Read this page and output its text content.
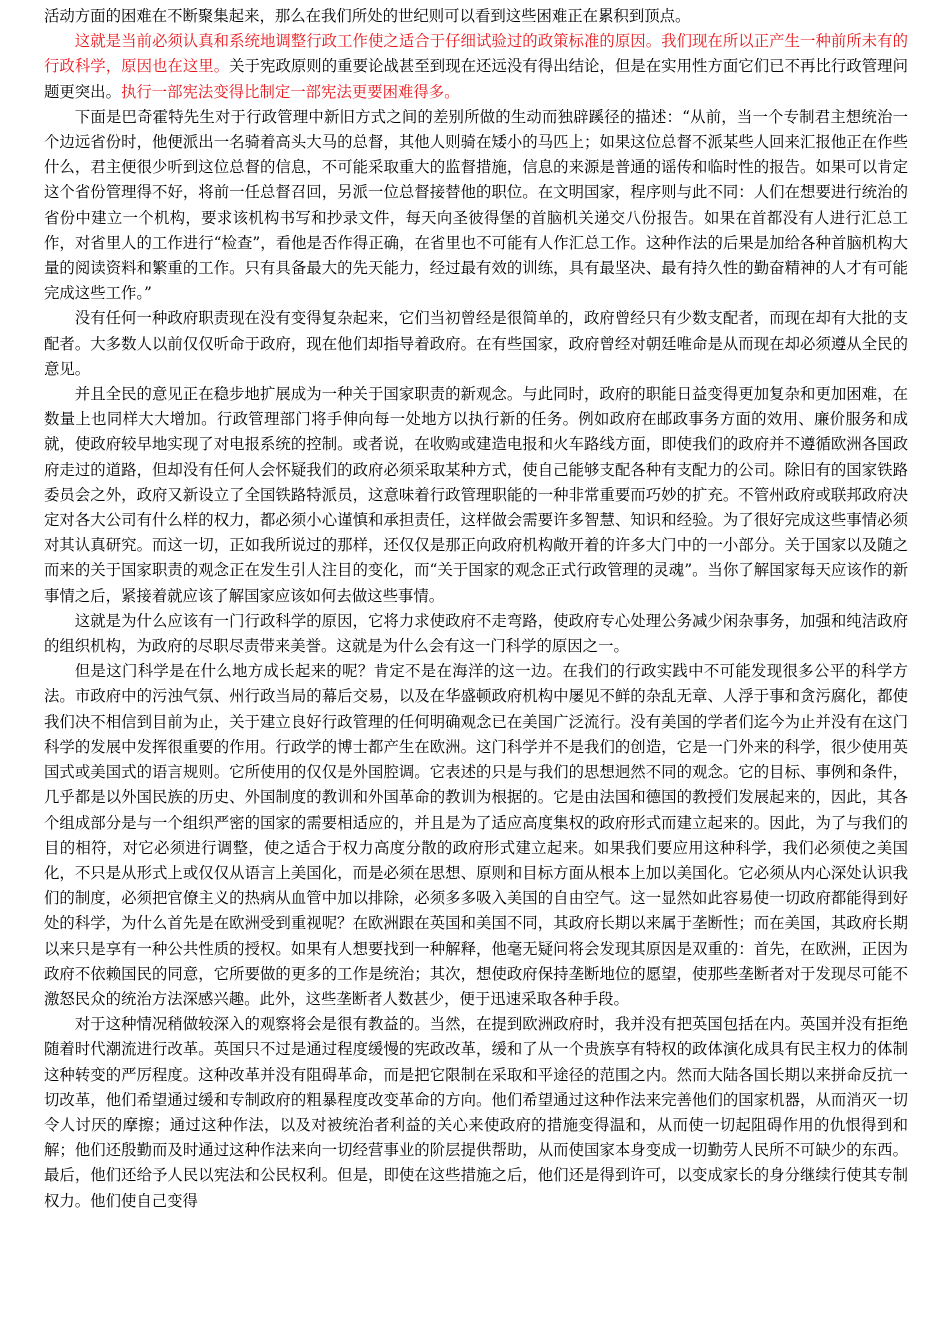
活动方面的困难在不断聚集起来，那么在我们所处的世纪则可以看到这些困难正在累积到顶点。

这就是当前必须认真和系统地调整行政工作使之适合于仔细试验过的政策标准的原因。我们现在所以正产生一种前所未有的行政科学，原因也在这里。关于宪政原则的重要论战甚至到现在还远没有得出结论，但是在实用性方面它们已不再比行政管理问题更突出。执行一部宪法变得比制定一部宪法更要困难得多。

下面是巴奇霍特先生对于行政管理中新旧方式之间的差别所做的生动而独辟蹊径的描述：“从前，当一个专制君主想统治一个边远省份时，他便派出一名骑着高头大马的总督，其他人则骑在矮小的马匹上；如果这位总督不派某些人回来汇报他正在作些什么，君主便很少听到这位总督的信息，不可能采取重大的监督措施，信息的来源是普通的谣传和临时性的报告。如果可以肯定这个省份管理得不好，将前一任总督召回，另派一位总督接替他的职位。在文明国家，程序则与此不同：人们在想要进行统治的省份中建立一个机构，要求该机构书写和抄录文件，每天向圣彼得堡的首脑机关递交八份报告。如果在首都没有人进行汇总工作，对省里人的工作进行“检查”，看他是否作得正确，在省里也不可能有人作汇总工作。这种作法的后果是加给各种首脑机构大量的阅读资料和繁重的工作。只有具备最大的先天能力，经过最有效的训练，具有最坚决、最有持久性的勤奋精神的人才有可能完成这些工作。”

没有任何一种政府职责现在没有变得复杂起来，它们当初曾经是很简单的，政府曾经只有少数支配者，而现在却有大批的支配者。大多数人以前仅仅听命于政府，现在他们却指导着政府。在有些国家，政府曾经对朝廷唯命是从而现在却必须遵从全民的意见。

并且全民的意见正在稳步地扩展成为一种关于国家职责的新观念。与此同时，政府的职能日益变得更加复杂和更加困难，在数量上也同样大大增加。行政管理部门将手伸向每一处地方以执行新的任务。例如政府在邮政事务方面的效用、廉价服务和成就，使政府较早地实现了对电报系统的控制。或者说，在收购或建造电报和火车路线方面，即使我们的政府并不遵循欧洲各国政府走过的道路，但却没有任何人会怀疑我们的政府必须采取某种方式，使自己能够支配各种有支配力的公司。除旧有的国家铁路委员会之外，政府又新设立了全国铁路特派员，这意味着行政管理职能的一种非常重要而巧妙的扩充。不管州政府或联邦政府决定对各大公司有什么样的权力，都必须小心谨慎和承担责任，这样做会需要许多智慧、知识和经验。为了很好完成这些事情必须对其认真研究。而这一切，正如我所说过的那样，还仅仅是那正向政府机构敞开着的许多大门中的一小部分。关于国家以及随之而来的关于国家职责的观念正在发生引人注目的变化，而“关于国家的观念正式行政管理的灵魂”。当你了解国家每天应该作的新事情之后，紧接着就应该了解国家应该如何去做这些事情。

这就是为什么应该有一门行政科学的原因，它将力求使政府不走弯路，使政府专心处理公务减少闲杂事务，加强和纯洁政府的组织机构，为政府的尽职尽责带来美誉。这就是为什么会有这一门科学的原因之一。

但是这门科学是在什么地方成长起来的呢？肯定不是在海洋的这一边。在我们的行政实践中不可能发现很多公平的科学方法。市政府中的污浊气氛、州行政当局的幕后交易，以及在华盛顿政府机构中屡见不鲜的杂乱无章、人浮于事和贪污腐化，都使我们决不相信到目前为止，关于建立良好行政管理的任何明确观念已在美国广泛流行。没有美国的学者们迄今为止并没有在这门科学的发展中发挥很重要的作用。行政学的博士都产生在欧洲。这门科学并不是我们的创造，它是一门外来的科学，很少使用英国式或美国式的语言规则。它所使用的仅仅是外国腔调。它表述的只是与我们的思想迥然不同的观念。它的目标、事例和条件，几乎都是以外国民族的历史、外国制度的教训和外国革命的教训为根据的。它是由法国和德国的教授们发展起来的，因此，其各个组成部分是与一个组织严密的国家的需要相适应的，并且是为了适应高度集权的政府形式而建立起来的。因此，为了与我们的目的相符，对它必须进行调整，使之适合于权力高度分散的政府形式建立起来。如果我们要应用这种科学，我们必须使之美国化，不只是从形式上或仅仅从语言上美国化，而是必须在思想、原则和目标方面从根本上加以美国化。它必须从内心深处认识我们的制度，必须把官僚主义的热病从血管中加以排除，必须多多吸入美国的自由空气。这一显然如此容易使一切政府都能得到好处的科学，为什么首先是在欧洲受到重视呢？在欧洲跟在英国和美国不同，其政府长期以来属于垄断性；而在美国，其政府长期以来只是享有一种公共性质的授权。如果有人想要找到一种解释，他毫无疑问将会发现其原因是双重的：首先，在欧洲，正因为政府不依赖国民的同意，它所要做的更多的工作是统治；其次，想使政府保持垄断地位的愿望，使那些垄断者对于发现尽可能不激怒民众的统治方法深感兴趣。此外，这些垄断者人数甚少，便于迅速采取各种手段。

对于这种情况稍做较深入的观察将会是很有教益的。当然，在提到欧洲政府时，我并没有把英国包括在内。英国并没有拒绝随着时代潮流进行改革。英国只不过是通过程度缓慢的宪政改革，缓和了从一个贵族享有特权的政体演化成具有民主权力的体制这种转变的严厉程度。这种改革并没有阻碍革命，而是把它限制在采取和平途径的范围之内。然而大陆各国长期以来拼命反抗一切改革，他们希望通过缓和专制政府的粗暴程度改变革命的方向。他们希望通过这种作法来完善他们的国家机器，从而消灭一切令人讨厌的摩擦；通过这种作法，以及对被统治者利益的关心来使政府的措施变得温和，从而使一切起阻碍作用的仇恨得到和解；他们还殷勤而及时通过这种作法来向一切经营事业的阶层提供帮助，从而使国家本身变成一切勤劳人民所不可缺少的东西。最后，他们还给予人民以宪法和公民权利。但是，即使在这些措施之后，他们还是得到许可，以变成家长的身分继续行使其专制权力。他们使自己变得
